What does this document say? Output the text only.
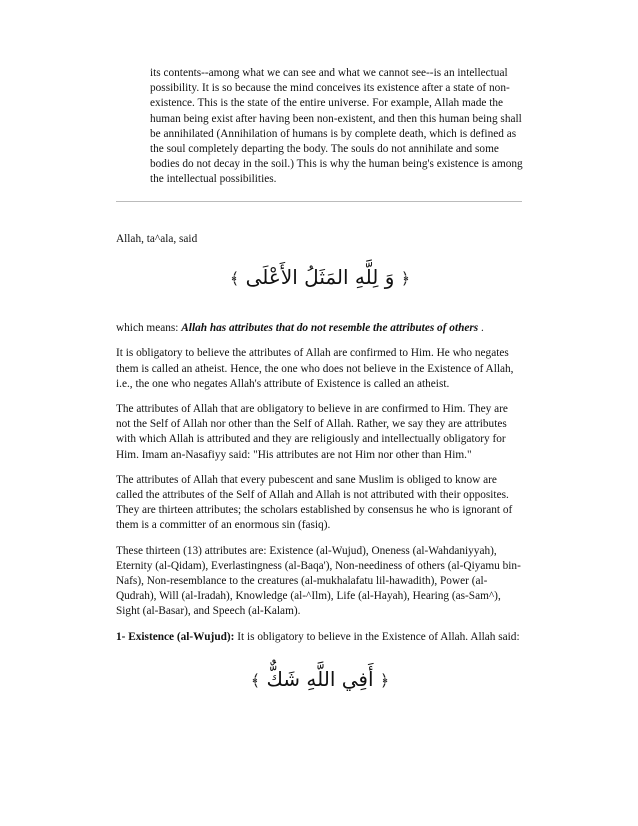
its contents--among what we can see and what we cannot see--is an intellectual possibility. It is so because the mind conceives its existence after a state of non-existence. This is the state of the entire universe. For example, Allah made the human being exist after having been non-existent, and then this human being shall be annihilated (Annihilation of humans is by complete death, which is defined as the soul completely departing the body. The souls do not annihilate and some bodies do not decay in the soil.) This is why the human being's existence is among the intellectual possibilities.

Allah, ta^ala, said

﴿ وَ لِلَّهِ المَثَلُ الأَعْلَى ﴾

which means: Allah has attributes that do not resemble the attributes of others .

It is obligatory to believe the attributes of Allah are confirmed to Him. He who negates them is called an atheist. Hence, the one who does not believe in the Existence of Allah, i.e., the one who negates Allah's attribute of Existence is called an atheist.

The attributes of Allah that are obligatory to believe in are confirmed to Him. They are not the Self of Allah nor other than the Self of Allah. Rather, we say they are attributes with which Allah is attributed and they are religiously and intellectually obligatory for Him. Imam an-Nasafiyy said: "His attributes are not Him nor other than Him."

The attributes of Allah that every pubescent and sane Muslim is obliged to know are called the attributes of the Self of Allah and Allah is not attributed with their opposites. They are thirteen attributes; the scholars established by consensus he who is ignorant of them is a committer of an enormous sin (fasiq).

These thirteen (13) attributes are: Existence (al-Wujud), Oneness (al-Wahdaniyyah), Eternity (al-Qidam), Everlastingness (al-Baqa'), Non-neediness of others (al-Qiyamu bin-Nafs), Non-resemblance to the creatures (al-mukhalafatu lil-hawadith), Power (al-Qudrah), Will (al-Iradah), Knowledge (al-^Ilm), Life (al-Hayah), Hearing (as-Sam^), Sight (al-Basar), and Speech (al-Kalam).

1- Existence (al-Wujud): It is obligatory to believe in the Existence of Allah. Allah said:

﴿ أَفِي اللَّهِ شَكٌّ ﴾
